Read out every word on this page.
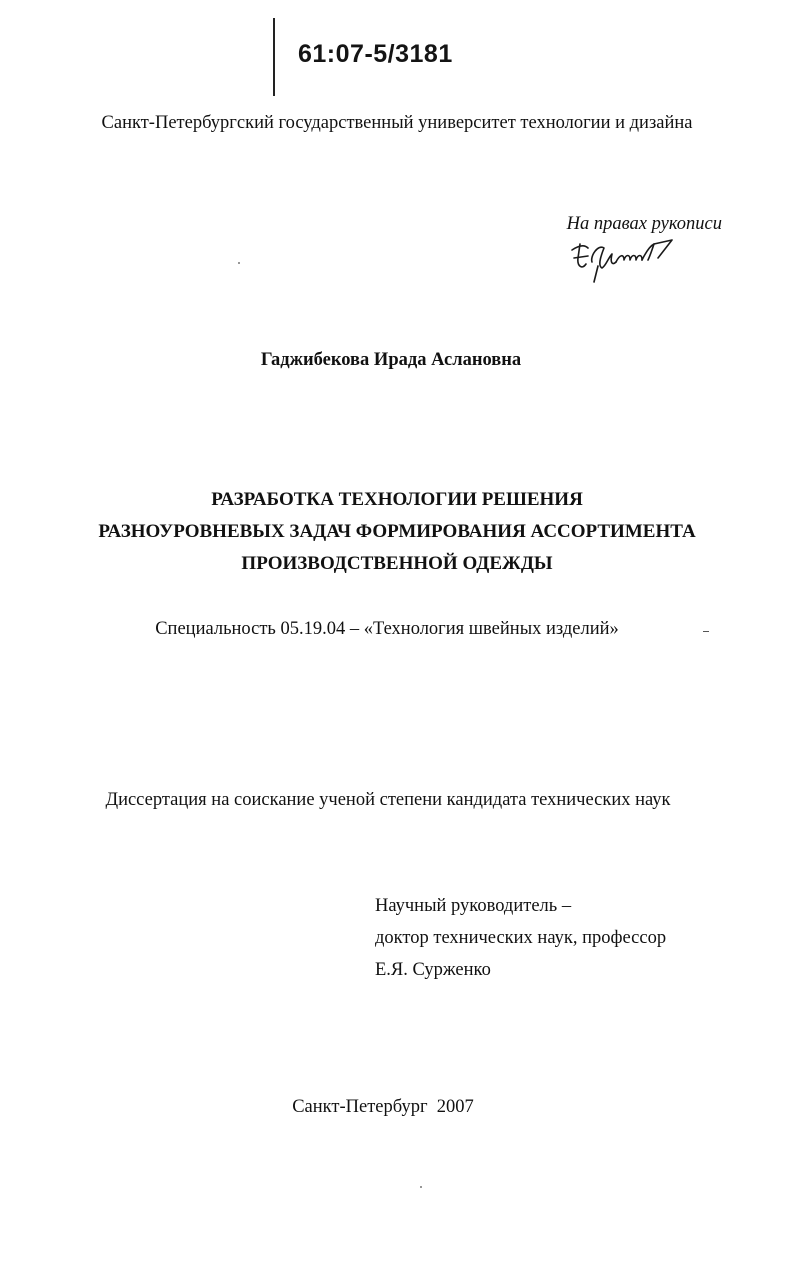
61:07-5/3181
Санкт-Петербургский государственный университет технологии и дизайна
На правах рукописи
Гаджибекова Ирада Аслановна
РАЗРАБОТКА ТЕХНОЛОГИИ РЕШЕНИЯ
РАЗНОУРОВНЕВЫХ ЗАДАЧ ФОРМИРОВАНИЯ АССОРТИМЕНТА
ПРОИЗВОДСТВЕННОЙ ОДЕЖДЫ
Специальность 05.19.04 – «Технология швейных изделий»
Диссертация на соискание ученой степени кандидата технических наук
Научный руководитель –
доктор технических наук, профессор
Е.Я. Сурженко
Санкт-Петербург  2007
